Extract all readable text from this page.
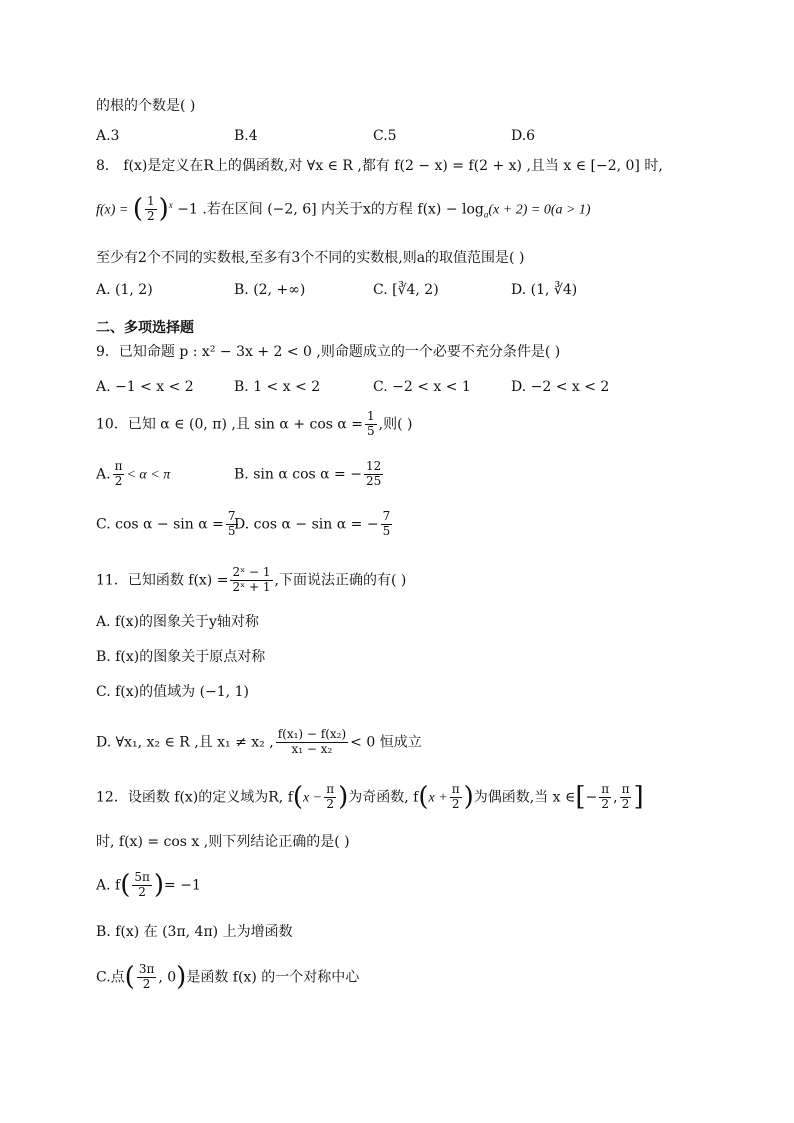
的根的个数是( )
A.3	B.4	C.5	D.6
8． f(x)是定义在R上的偶函数,对 ∀x ∈ R ,都有 f(2 − x) = f(2 + x) ,且当 x ∈ [−2, 0] 时,
f(x) = ( $\frac{1}{2} )^x -1$ .若在区间 (−2, 6] 内关于x的方程 $f(x) - \log_a(x + 2) = 0(a > 1)$
至少有2个不同的实数根,至多有3个不同的实数根,则a的取值范围是( )
A. (1, 2)	B. (2, +∞)	C. [∛4, 2)	D. (1, ∛4)
二、多项选择题
9．已知命题 p : x² − 3x + 2 < 0 ,则命题成立的一个必要不充分条件是( )
A. −1 < x < 2	B. 1 < x < 2	C. −2 < x < 1	D. −2 < x < 2
10．已知 α ∈ (0, π) ,且 $\sin \alpha + \cos \alpha = \frac{1}{5}$ ,则( )
A. $\frac{\pi}{2} < \alpha < \pi$	B. sin α cos α = − $\frac{12}{25}$
C. $\cos \alpha - \sin \alpha = \frac{7}{5}$
D. cos α − sin α = − $\frac{7}{5}$
11．已知函数 $f(x) = \frac{\text{2ˣ − 1}}{\text{2ˣ + 1}}$ ,下面说法正确的有( )
A. f(x)的图象关于y轴对称
B. f(x)的图象关于原点对称
C. f(x)的值域为 (−1, 1)
D. ∀x₁, x₂ ∈ R ,且 x₁ ≠ x₂ , $\frac{\text{f(x₁) − f(x₂)}}{\text{x₁ − x₂}} < 0$ 恒成立
12．设函数 f(x)的定义域为R, $f(x - \frac{\pi}{2}$ )为奇函数, $f(x + \frac{\pi}{2}$ )为偶函数,当 x ∈[− $\frac{\pi}{2}$ , $\frac{\pi}{2}$ ]
时, f(x) = cos x ,则下列结论正确的是( )
A. $f( \frac{5\pi}{2}$ )= −1
B. f(x) 在 (3π, 4π) 上为增函数
C.点( $\frac{3\pi}{2}$ , 0)是函数 f(x) 的一个对称中心
